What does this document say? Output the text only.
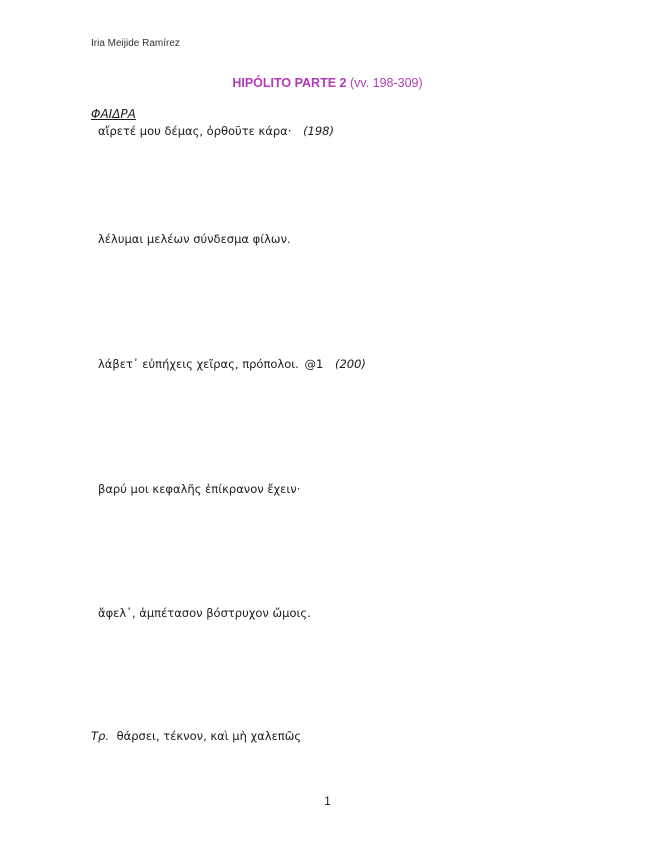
Iria Meijide Ramírez
HIPÓLITO PARTE 2 (vv. 198-309)
ΦΑΙΔΡΑ
αἴρετέ μου δέμας, ὀρθοῦτε κάρα· (198)
λέλυμαι μελέων σύνδεσμα φίλων.
λάβετ᾽ εὐπήχεις χεῖρας, πρόπολοι. @1 (200)
βαρύ μοι κεφαλῆς ἐπίκρανον ἔχειν·
ἄφελ᾽, ἀμπέτασον βόστρυχον ὤμοις.
Τρ. θάρσει, τέκνον, καὶ μὴ χαλεπῶς
1
